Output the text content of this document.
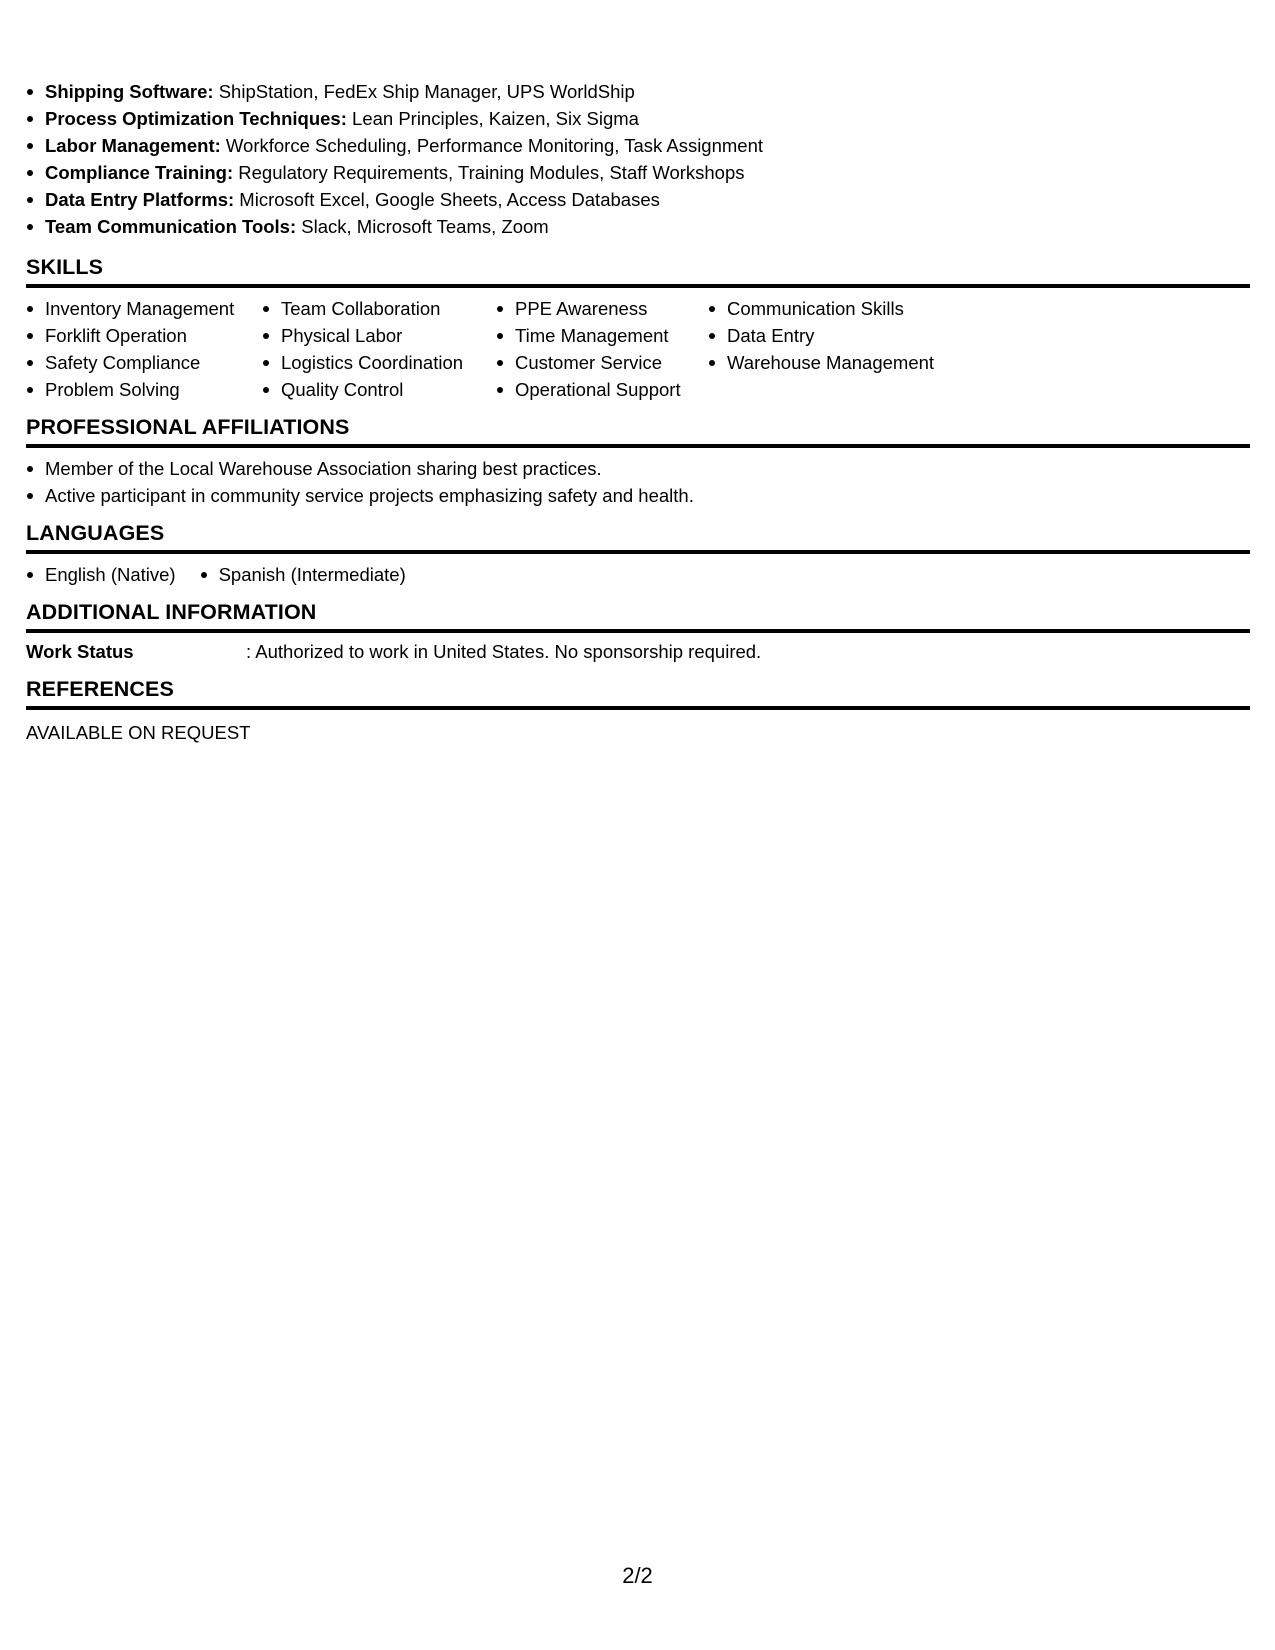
Shipping Software: ShipStation, FedEx Ship Manager, UPS WorldShip
Process Optimization Techniques: Lean Principles, Kaizen, Six Sigma
Labor Management: Workforce Scheduling, Performance Monitoring, Task Assignment
Compliance Training: Regulatory Requirements, Training Modules, Staff Workshops
Data Entry Platforms: Microsoft Excel, Google Sheets, Access Databases
Team Communication Tools: Slack, Microsoft Teams, Zoom
SKILLS
Inventory Management
Forklift Operation
Safety Compliance
Problem Solving
Team Collaboration
Physical Labor
Logistics Coordination
Quality Control
PPE Awareness
Time Management
Customer Service
Operational Support
Communication Skills
Data Entry
Warehouse Management
PROFESSIONAL AFFILIATIONS
Member of the Local Warehouse Association sharing best practices.
Active participant in community service projects emphasizing safety and health.
LANGUAGES
English (Native)	Spanish (Intermediate)
ADDITIONAL INFORMATION
Work Status	: Authorized to work in United States. No sponsorship required.
REFERENCES

AVAILABLE ON REQUEST

2/2
